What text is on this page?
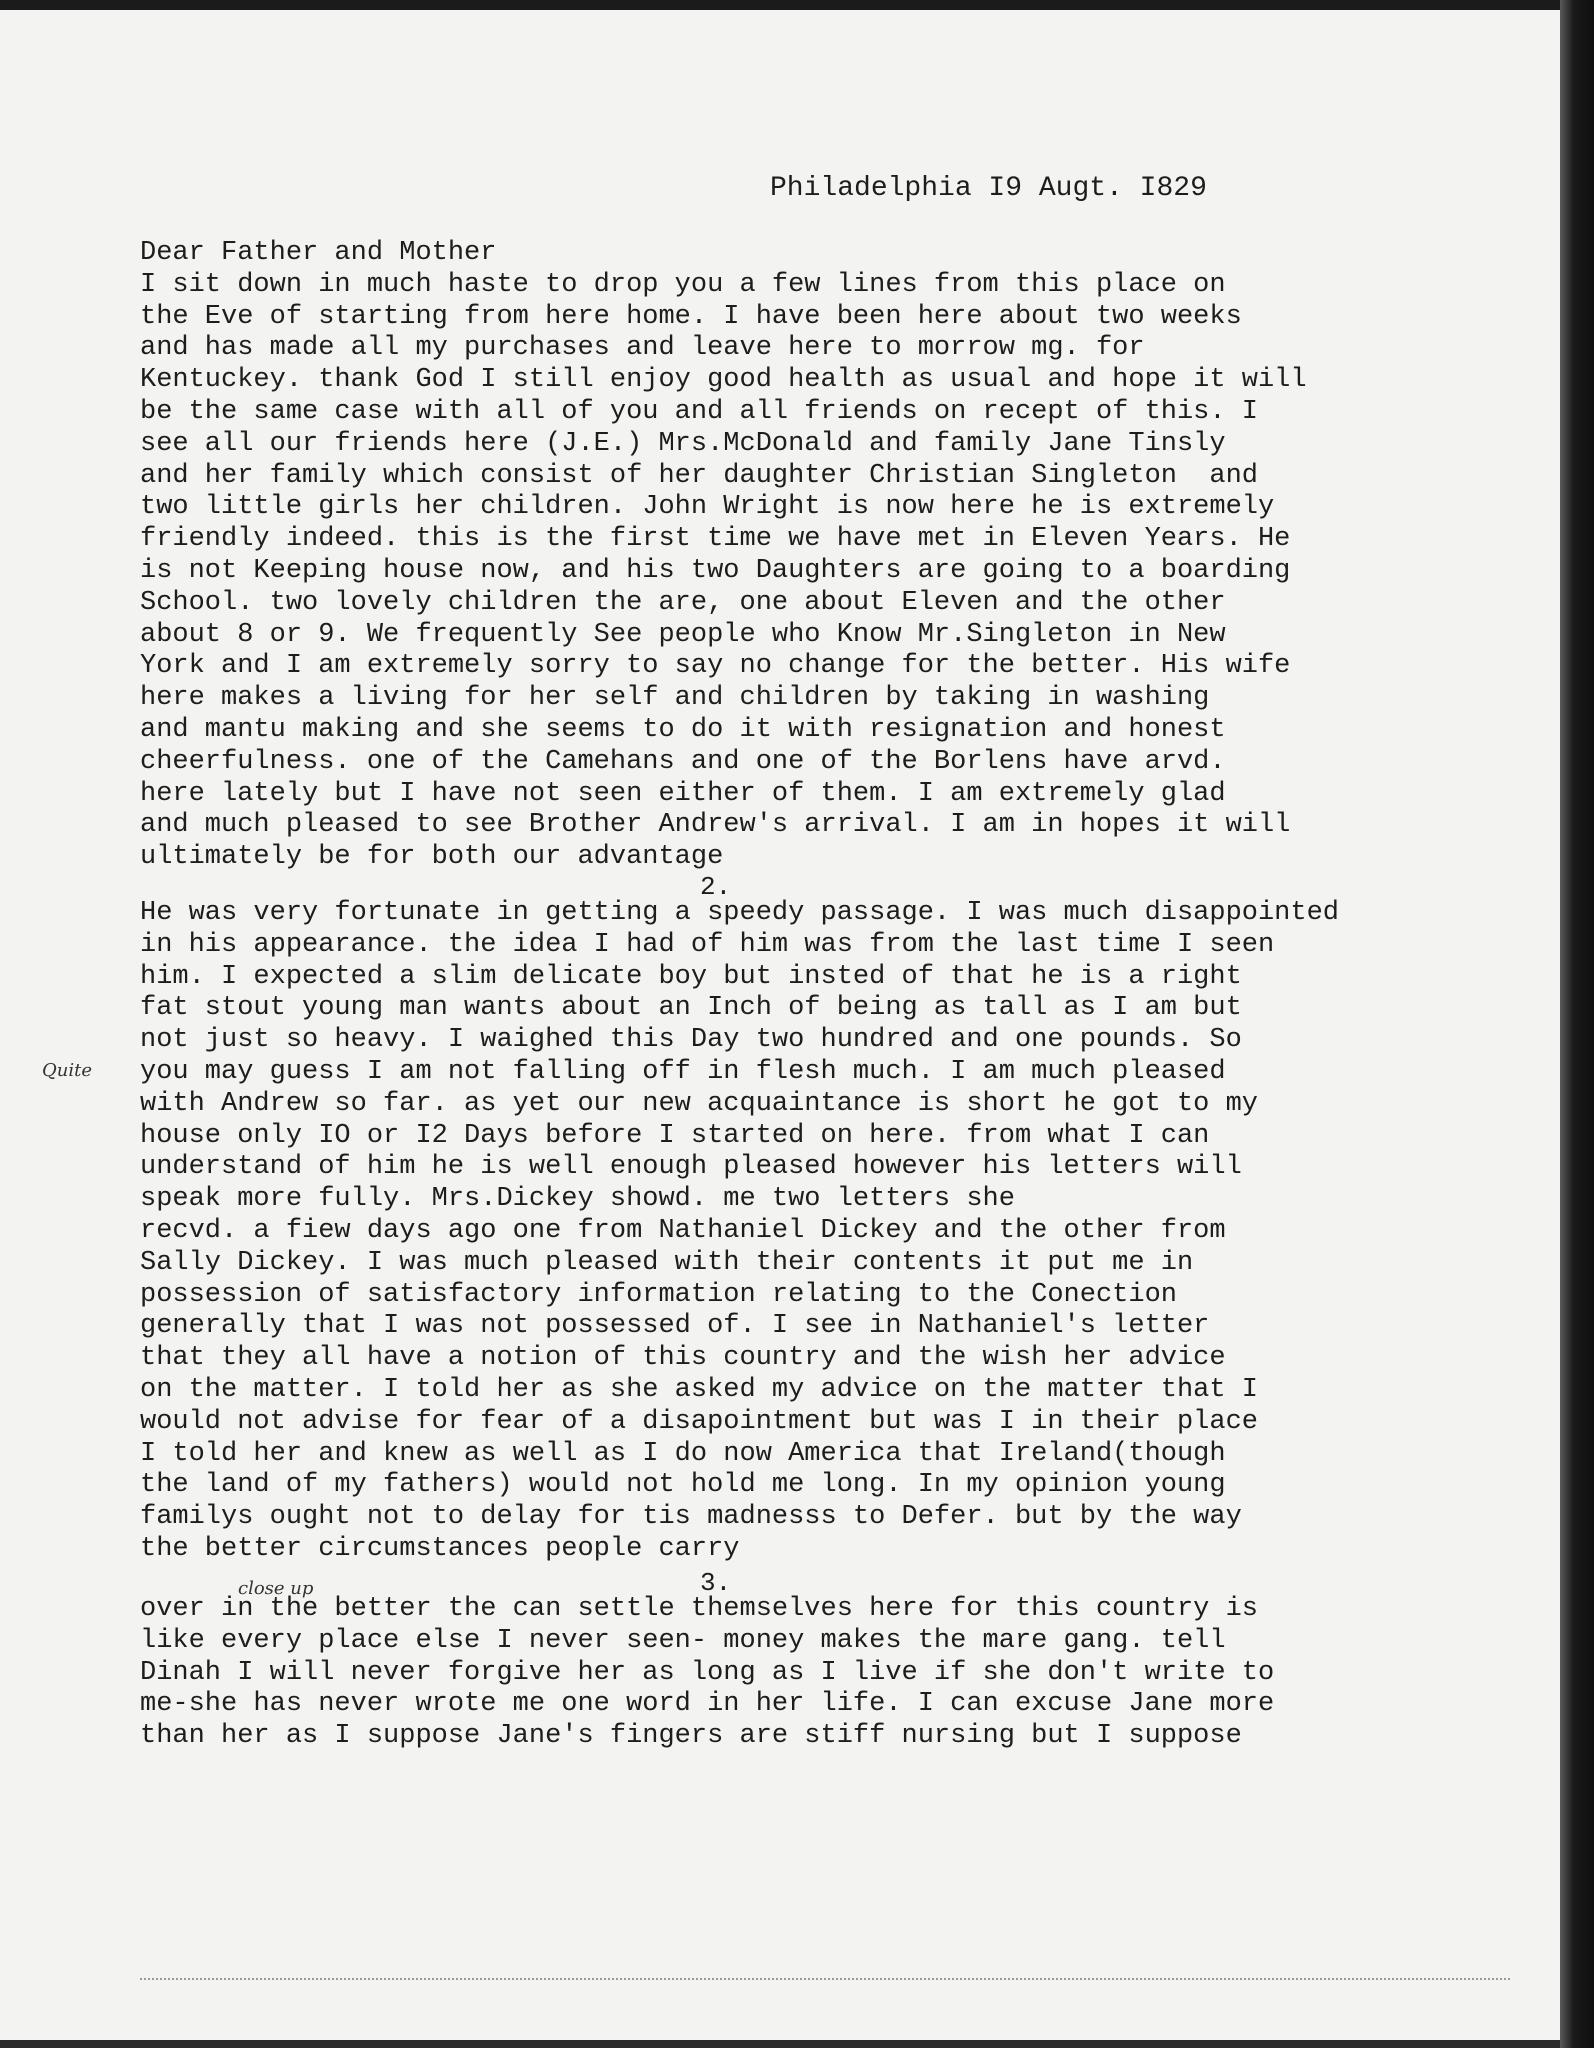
Philadelphia I9 Augt. I829
Dear Father and Mother
I sit down in much haste to drop you a few lines from this place on
the Eve of starting from here home. I have been here about two weeks
and has made all my purchases and leave here to morrow mg. for
Kentuckey. thank God I still enjoy good health as usual and hope it will
be the same case with all of you and all friends on recept of this. I
see all our friends here (J.E.) Mrs.McDonald and family Jane Tinsly
and her family which consist of her daughter Christian Singleton  and
two little girls her children. John Wright is now here he is extremely
friendly indeed. this is the first time we have met in Eleven Years. He
is not Keeping house now, and his two Daughters are going to a boarding
School. two lovely children the are, one about Eleven and the other
about 8 or 9. We frequently See people who Know Mr.Singleton in New
York and I am extremely sorry to say no change for the better. His wife
here makes a living for her self and children by taking in washing
and mantu making and she seems to do it with resignation and honest
cheerfulness. one of the Camehans and one of the Borlens have arvd.
here lately but I have not seen either of them. I am extremely glad
and much pleased to see Brother Andrew's arrival. I am in hopes it will
ultimately be for both our advantage
2.
He was very fortunate in getting a speedy passage. I was much disappointed
in his appearance. the idea I had of him was from the last time I seen
him. I expected a slim delicate boy but insted of that he is a right
fat stout young man wants about an Inch of being as tall as I am but
not just so heavy. I waighed this Day two hundred and one pounds. So
you may guess I am not falling off in flesh much. I am much pleased
with Andrew so far. as yet our new acquaintance is short he got to my
house only IO or I2 Days before I started on here. from what I can
understand of him he is well enough pleased however his letters will
speak more fully. Mrs.Dickey showd. me two letters she
recvd. a fiew days ago one from Nathaniel Dickey and the other from
Sally Dickey. I was much pleased with their contents it put me in
possession of satisfactory information relating to the Conection
generally that I was not possessed of. I see in Nathaniel's letter
that they all have a notion of this country and the wish her advice
on the matter. I told her as she asked my advice on the matter that I
would not advise for fear of a disapointment but was I in their place
I told her and knew as well as I do now America that Ireland(though
the land of my fathers) would not hold me long. In my opinion young
familys ought not to delay for tis madnesss to Defer. but by the way
the better circumstances people carry
3.
over in the better the can settle themselves here for this country is
like every place else I never seen- money makes the mare gang. tell
Dinah I will never forgive her as long as I live if she don't write to
me-she has never wrote me one word in her life. I can excuse Jane more
than her as I suppose Jane's fingers are stiff nursing but I suppose
Quite
close up
